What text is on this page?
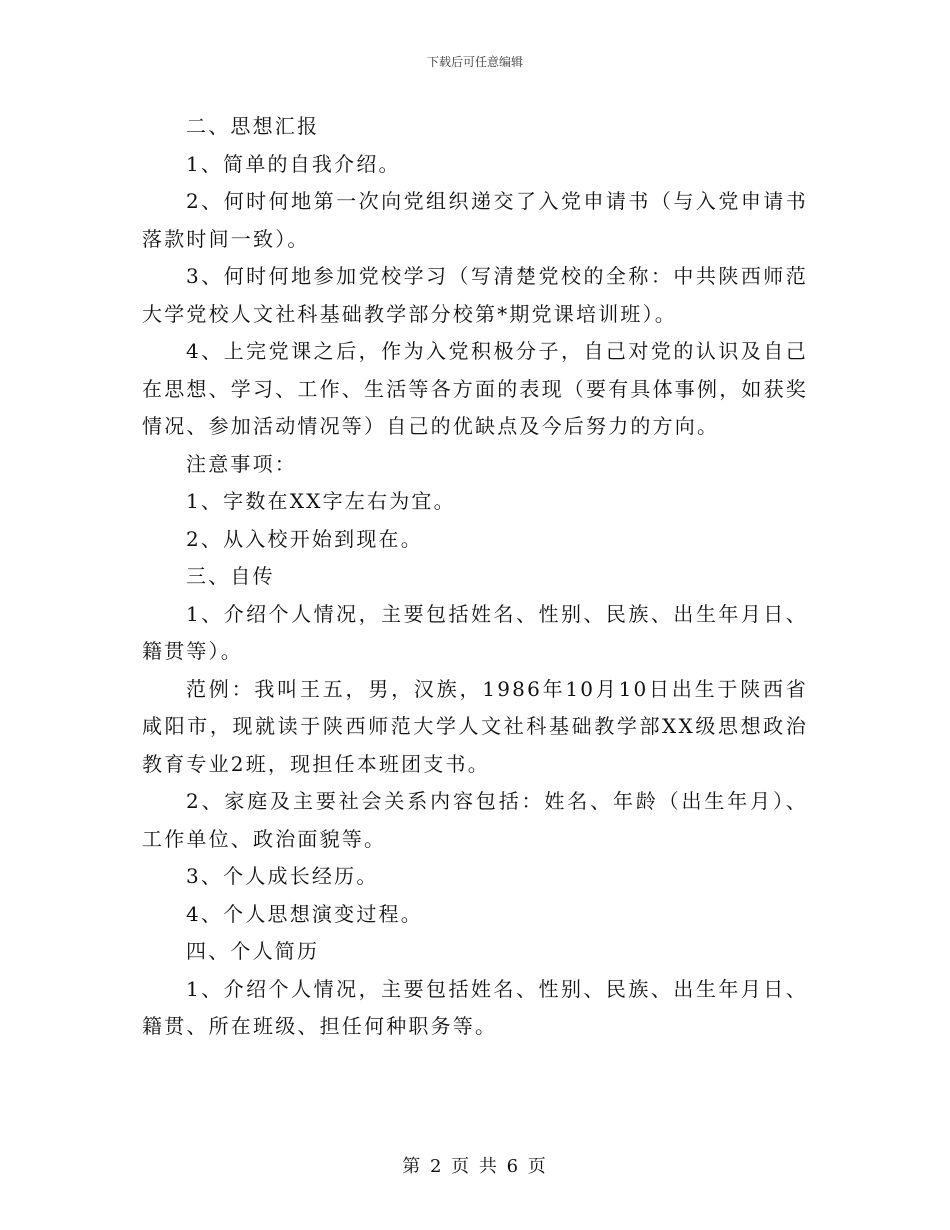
下载后可任意编辑

二、思想汇报

1、简单的自我介绍。

2、何时何地第一次向党组织递交了入党申请书（与入党申请书落款时间一致）。

3、何时何地参加党校学习（写清楚党校的全称：中共陕西师范大学党校人文社科基础教学部分校第*期党课培训班）。

4、上完党课之后，作为入党积极分子，自己对党的认识及自己在思想、学习、工作、生活等各方面的表现（要有具体事例，如获奖情况、参加活动情况等）自己的优缺点及今后努力的方向。

注意事项：

1、字数在XX字左右为宜。

2、从入校开始到现在。

三、自传

1、介绍个人情况，主要包括姓名、性别、民族、出生年月日、籍贯等）。

范例：我叫王五，男，汉族，1986年10月10日出生于陕西省咸阳市，现就读于陕西师范大学人文社科基础教学部XX级思想政治教育专业2班，现担任本班团支书。

2、家庭及主要社会关系内容包括：姓名、年龄（出生年月）、工作单位、政治面貌等。

3、个人成长经历。

4、个人思想演变过程。

四、个人简历

1、介绍个人情况，主要包括姓名、性别、民族、出生年月日、籍贯、所在班级、担任何种职务等。

第 2 页 共 6 页
